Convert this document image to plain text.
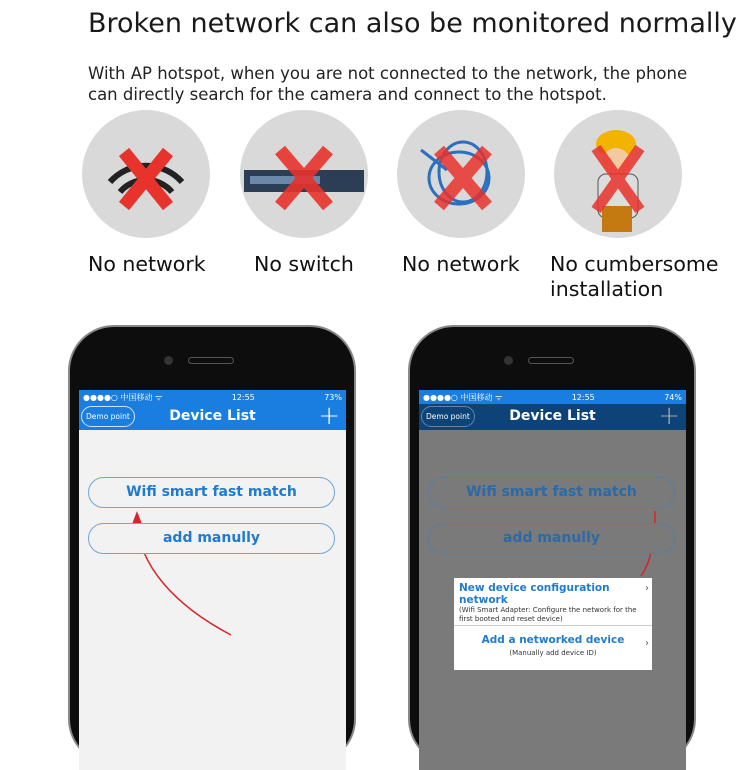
Broken network can also be monitored normally
With AP hotspot, when you are not connected to the network, the phone can directly search for the camera and connect to the hotspot.
No network No switch No network No cumbersome installation
●●●●○ 中国移动 ᯤ	12:55	73%
Demo point	Device List	+
Wifi smart fast match
add manully
●●●●○ 中国移动 ᯤ	12:55	74%
Demo point	Device List	+
Wifi smart fast match
add manully
New device configuration network
(Wifi Smart Adapter: Configure the network for the first booted and reset device)
›
Add a networked device
(Manually add device ID)
›
